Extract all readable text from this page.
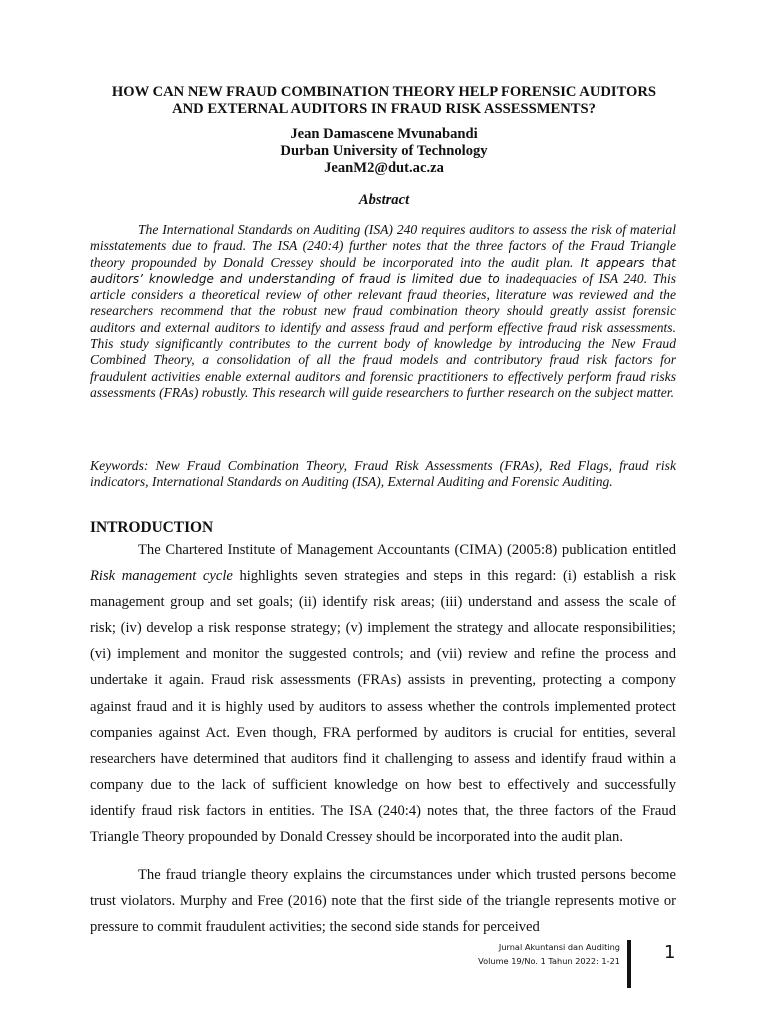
HOW CAN NEW FRAUD COMBINATION THEORY HELP FORENSIC AUDITORS
AND EXTERNAL AUDITORS IN FRAUD RISK ASSESSMENTS?
Jean Damascene Mvunabandi
Durban University of Technology
JeanM2@dut.ac.za
Abstract

The International Standards on Auditing (ISA) 240 requires auditors to assess the risk of material misstatements due to fraud. The ISA (240:4) further notes that the three factors of the Fraud Triangle theory propounded by Donald Cressey should be incorporated into the audit plan. It appears that auditors’ knowledge and understanding of fraud is limited due to inadequacies of ISA 240. This article considers a theoretical review of other relevant fraud theories, literature was reviewed and the researchers recommend that the robust new fraud combination theory should greatly assist forensic auditors and external auditors to identify and assess fraud and perform effective fraud risk assessments. This study significantly contributes to the current body of knowledge by introducing the New Fraud Combined Theory, a consolidation of all the fraud models and contributory fraud risk factors for fraudulent activities enable external auditors and forensic practitioners to effectively perform fraud risks assessments (FRAs) robustly. This research will guide researchers to further research on the subject matter.

Keywords: New Fraud Combination Theory, Fraud Risk Assessments (FRAs), Red Flags, fraud risk indicators, International Standards on Auditing (ISA), External Auditing and Forensic Auditing.

INTRODUCTION

The Chartered Institute of Management Accountants (CIMA) (2005:8) publication entitled Risk management cycle highlights seven strategies and steps in this regard: (i) establish a risk management group and set goals; (ii) identify risk areas; (iii) understand and assess the scale of risk; (iv) develop a risk response strategy; (v) implement the strategy and allocate responsibilities; (vi) implement and monitor the suggested controls; and (vii) review and refine the process and undertake it again. Fraud risk assessments (FRAs) assists in preventing, protecting a compony against fraud and it is highly used by auditors to assess whether the controls implemented protect companies against Act. Even though, FRA performed by auditors is crucial for entities, several researchers have determined that auditors find it challenging to assess and identify fraud within a company due to the lack of sufficient knowledge on how best to effectively and successfully identify fraud risk factors in entities. The ISA (240:4) notes that, the three factors of the Fraud Triangle Theory propounded by Donald Cressey should be incorporated into the audit plan.

The fraud triangle theory explains the circumstances under which trusted persons become trust violators. Murphy and Free (2016) note that the first side of the triangle represents motive or pressure to commit fraudulent activities; the second side stands for perceived

Jurnal Akuntansi dan Auditing
Volume 19/No. 1 Tahun 2022: 1-21 1
